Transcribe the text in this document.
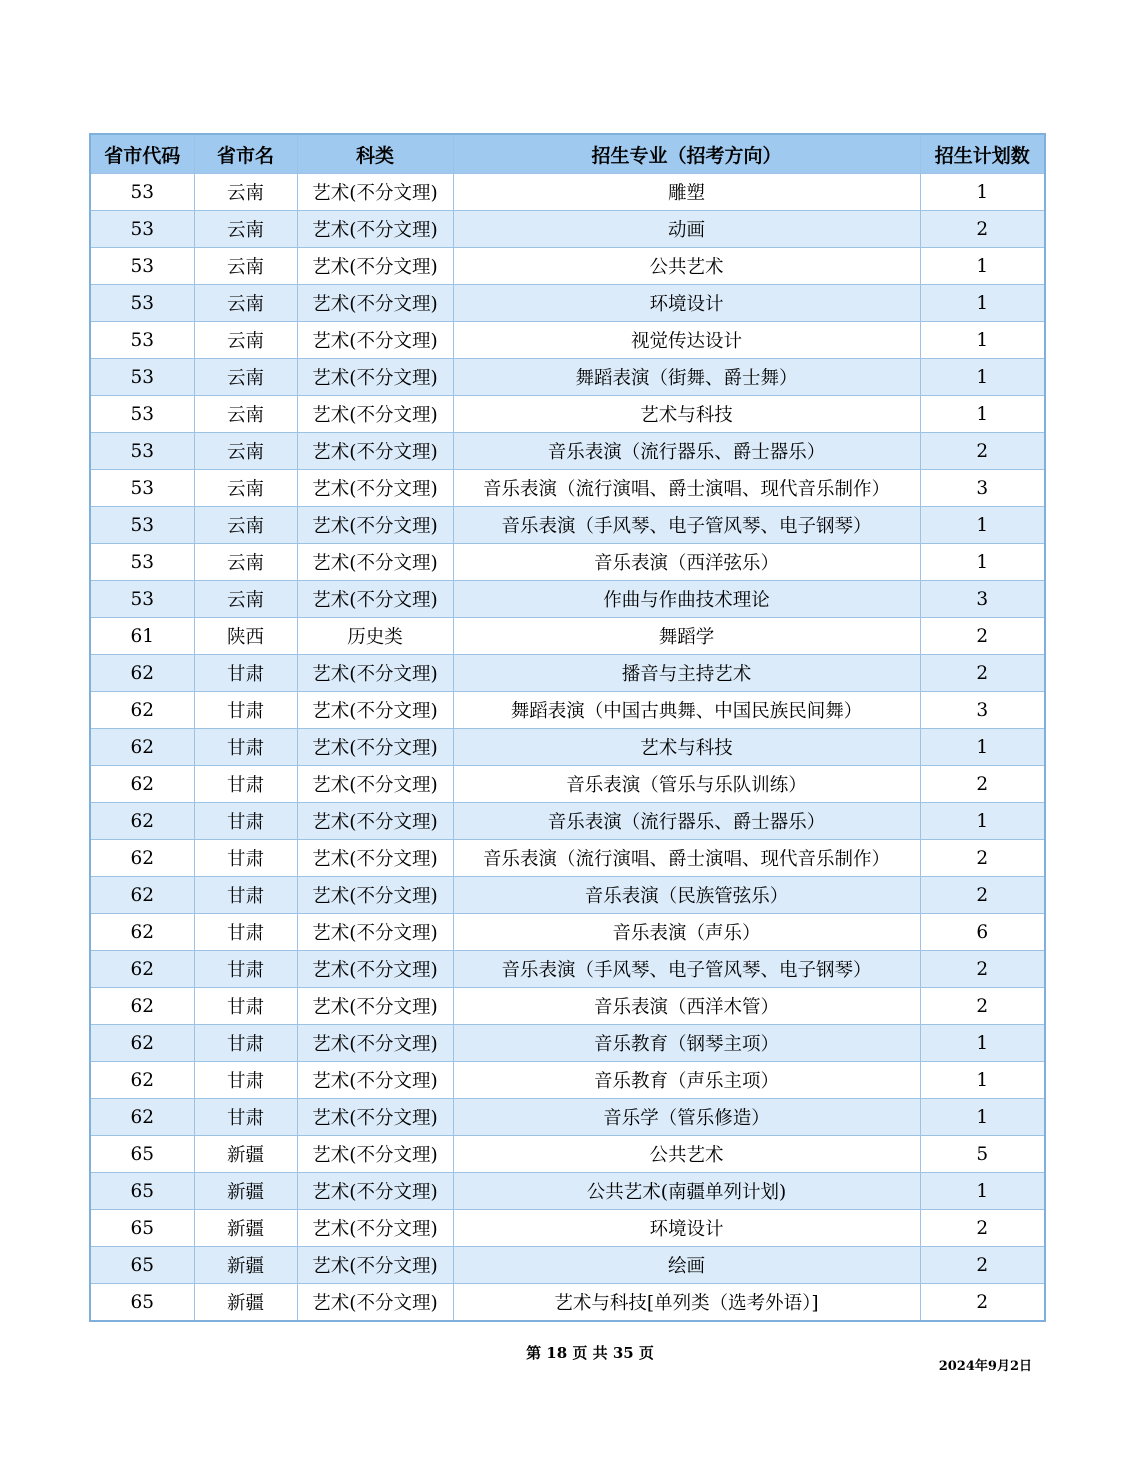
省市代码	省市名	科类	招生专业（招考方向）	招生计划数
53	云南	艺术(不分文理)	雕塑	1
53	云南	艺术(不分文理)	动画	2
53	云南	艺术(不分文理)	公共艺术	1
53	云南	艺术(不分文理)	环境设计	1
53	云南	艺术(不分文理)	视觉传达设计	1
53	云南	艺术(不分文理)	舞蹈表演（街舞、爵士舞）	1
53	云南	艺术(不分文理)	艺术与科技	1
53	云南	艺术(不分文理)	音乐表演（流行器乐、爵士器乐）	2
53	云南	艺术(不分文理)	音乐表演（流行演唱、爵士演唱、现代音乐制作）	3
53	云南	艺术(不分文理)	音乐表演（手风琴、电子管风琴、电子钢琴）	1
53	云南	艺术(不分文理)	音乐表演（西洋弦乐）	1
53	云南	艺术(不分文理)	作曲与作曲技术理论	3
61	陕西	历史类	舞蹈学	2
62	甘肃	艺术(不分文理)	播音与主持艺术	2
62	甘肃	艺术(不分文理)	舞蹈表演（中国古典舞、中国民族民间舞）	3
62	甘肃	艺术(不分文理)	艺术与科技	1
62	甘肃	艺术(不分文理)	音乐表演（管乐与乐队训练）	2
62	甘肃	艺术(不分文理)	音乐表演（流行器乐、爵士器乐）	1
62	甘肃	艺术(不分文理)	音乐表演（流行演唱、爵士演唱、现代音乐制作）	2
62	甘肃	艺术(不分文理)	音乐表演（民族管弦乐）	2
62	甘肃	艺术(不分文理)	音乐表演（声乐）	6
62	甘肃	艺术(不分文理)	音乐表演（手风琴、电子管风琴、电子钢琴）	2
62	甘肃	艺术(不分文理)	音乐表演（西洋木管）	2
62	甘肃	艺术(不分文理)	音乐教育（钢琴主项）	1
62	甘肃	艺术(不分文理)	音乐教育（声乐主项）	1
62	甘肃	艺术(不分文理)	音乐学（管乐修造）	1
65	新疆	艺术(不分文理)	公共艺术	5
65	新疆	艺术(不分文理)	公共艺术(南疆单列计划)	1
65	新疆	艺术(不分文理)	环境设计	2
65	新疆	艺术(不分文理)	绘画	2
65	新疆	艺术(不分文理)	艺术与科技[单列类（选考外语）]	2
第 18 页 共 35 页
2024年9月2日
